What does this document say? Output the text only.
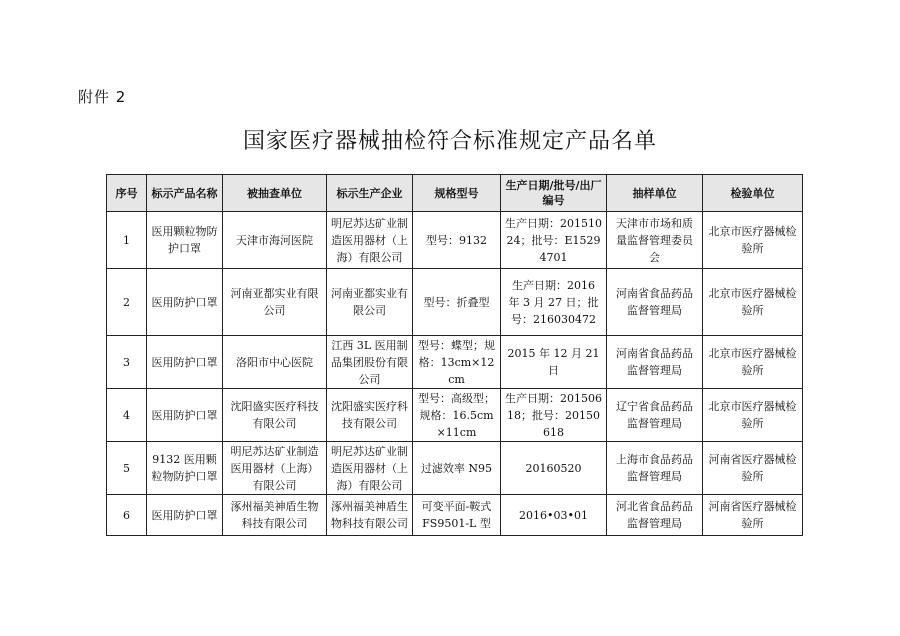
附件 2
国家医疗器械抽检符合标准规定产品名单
序号	标示产品名称	被抽查单位	标示生产企业	规格型号	生产日期/批号/出厂编号	抽样单位	检验单位
1	医用颗粒物防护口罩	天津市海河医院	明尼苏达矿业制造医用器材（上海）有限公司	型号：9132	生产日期：20151024；批号：E15294701	天津市市场和质量监督管理委员会	北京市医疗器械检验所
2	医用防护口罩	河南亚都实业有限公司	河南亚都实业有限公司	型号：折叠型	生产日期：2016 年 3 月 27 日；批号：216030472	河南省食品药品监督管理局	北京市医疗器械检验所
3	医用防护口罩	洛阳市中心医院	江西 3L 医用制品集团股份有限公司	型号：蝶型；规格：13cm×12cm	2015 年 12 月 21 日	河南省食品药品监督管理局	北京市医疗器械检验所
4	医用防护口罩	沈阳盛实医疗科技有限公司	沈阳盛实医疗科技有限公司	型号：高级型；规格：16.5cm×11cm	生产日期：20150618；批号：20150618	辽宁省食品药品监督管理局	北京市医疗器械检验所
5	9132 医用颗粒物防护口罩	明尼苏达矿业制造医用器材（上海）有限公司	明尼苏达矿业制造医用器材（上海）有限公司	过滤效率 N95	20160520	上海市食品药品监督管理局	河南省医疗器械检验所
6	医用防护口罩	涿州福美神盾生物科技有限公司	涿州福美神盾生物科技有限公司	可变平面-鞍式 FS9501-L 型	2016•03•01	河北省食品药品监督管理局	河南省医疗器械检验所
